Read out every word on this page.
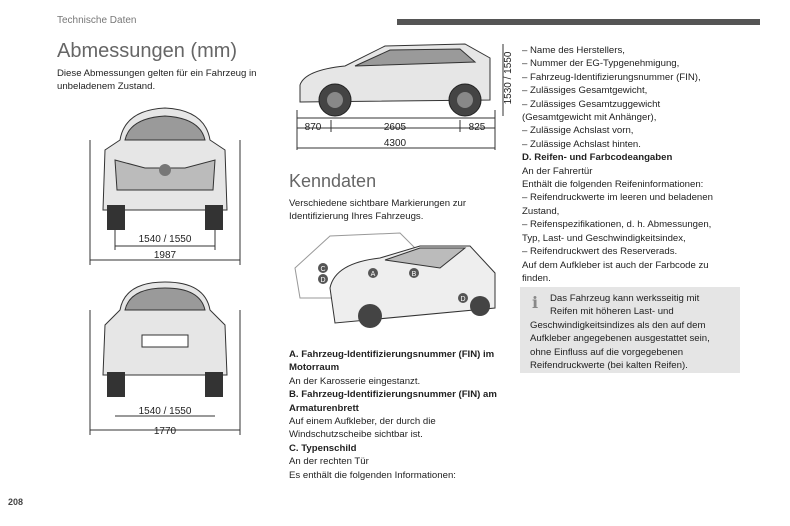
Technische Daten
Abmessungen (mm)
Diese Abmessungen gelten für ein Fahrzeug in
unbeladenem Zustand.
1540 / 1550
1987
1540 / 1550
1770
870	2605	825
4300
1530 / 1550
Kenndaten
Verschiedene sichtbare Markierungen zur
Identifizierung Ihres Fahrzeugs.
A	B
C
D
D
A. Fahrzeug-Identifizierungsnummer (FIN) im
Motorraum
An der Karosserie eingestanzt.
B. Fahrzeug-Identifizierungsnummer (FIN) am
Armaturenbrett
Auf einem Aufkleber, der durch die
Windschutzscheibe sichtbar ist.
C. Typenschild
An der rechten Tür
Es enthält die folgenden Informationen:
– Name des Herstellers,
– Nummer der EG-Typgenehmigung,
– Fahrzeug-Identifizierungsnummer (FIN),
– Zulässiges Gesamtgewicht,
– Zulässiges Gesamtzuggewicht
(Gesamtgewicht mit Anhänger),
– Zulässige Achslast vorn,
– Zulässige Achslast hinten.
D. Reifen- und Farbcodeangaben
An der Fahrertür
Enthält die folgenden Reifeninformationen:
– Reifendruckwerte im leeren und beladenen
Zustand,
– Reifenspezifikationen, d. h. Abmessungen,
Typ, Last- und Geschwindigkeitsindex,
– Reifendruckwert des Reserverads.
Auf dem Aufkleber ist auch der Farbcode zu
finden.
i	Das Fahrzeug kann werksseitig mit
Reifen mit höheren Last- und
Geschwindigkeitsindizes als den auf dem
Aufkleber angegebenen ausgestattet sein,
ohne Einfluss auf die vorgegebenen
Reifendruckwerte (bei kalten Reifen).
208
